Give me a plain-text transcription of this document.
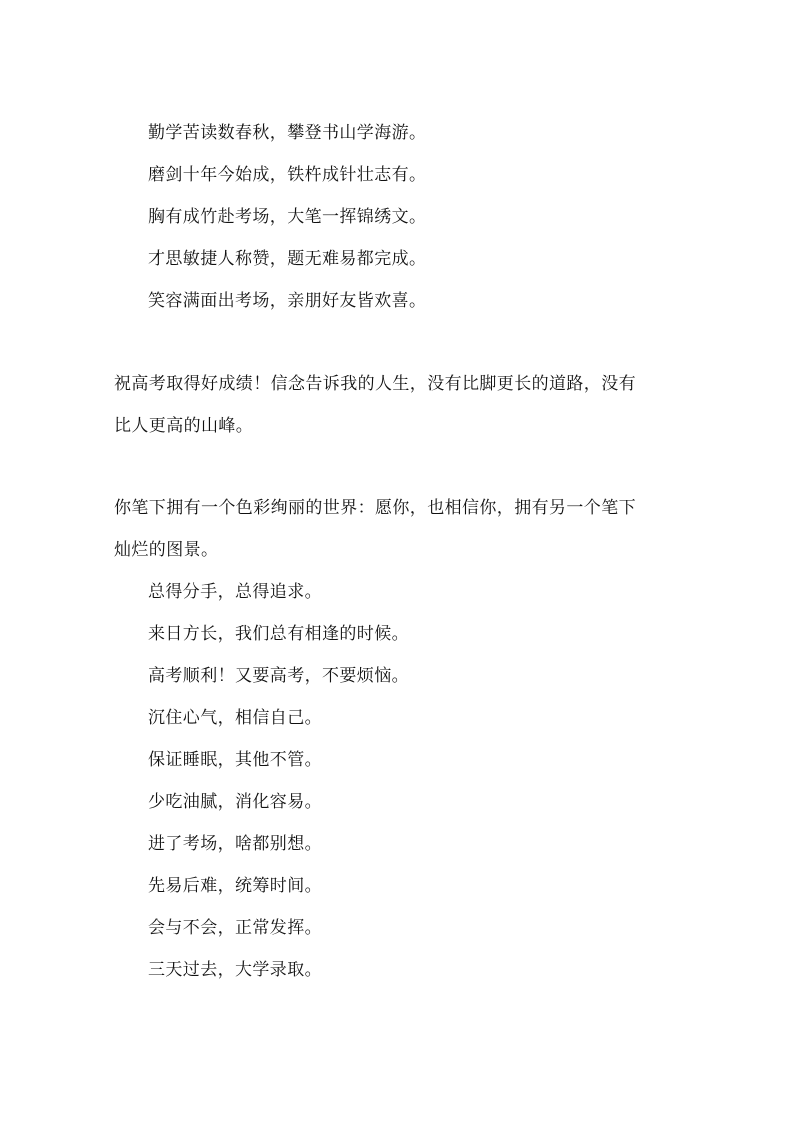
勤学苦读数春秋，攀登书山学海游。
磨剑十年今始成，铁杵成针壮志有。
胸有成竹赴考场，大笔一挥锦绣文。
才思敏捷人称赞，题无难易都完成。
笑容满面出考场，亲朋好友皆欢喜。
祝高考取得好成绩！信念告诉我的人生，没有比脚更长的道路，没有
比人更高的山峰。
你笔下拥有一个色彩绚丽的世界：愿你，也相信你，拥有另一个笔下
灿烂的图景。
总得分手，总得追求。
来日方长，我们总有相逢的时候。
高考顺利！又要高考，不要烦恼。
沉住心气，相信自己。
保证睡眠，其他不管。
少吃油腻，消化容易。
进了考场，啥都别想。
先易后难，统筹时间。
会与不会，正常发挥。
三天过去，大学录取。
